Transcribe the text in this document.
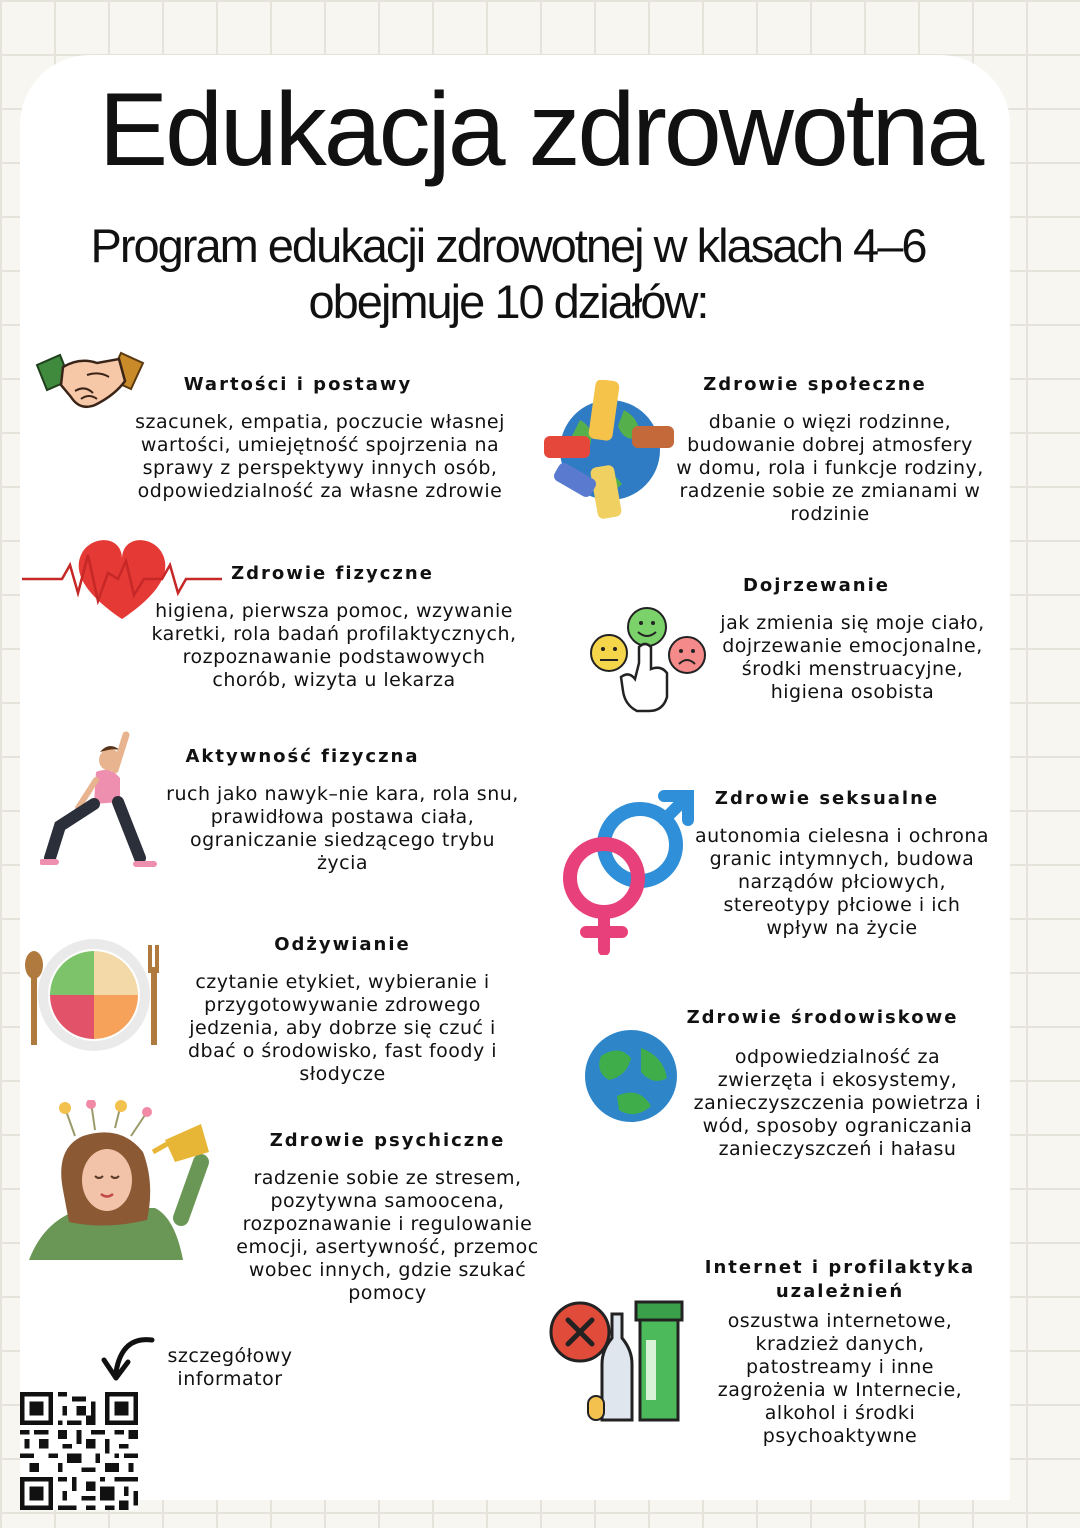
Edukacja zdrowotna
Program edukacji zdrowotnej w klasach 4–6
obejmuje 10 działów:
Wartości i postawy

szacunek, empatia, poczucie własnej
wartości, umiejętność spojrzenia na
sprawy z perspektywy innych osób,
odpowiedzialność za własne zdrowie

Zdrowie fizyczne

higiena, pierwsza pomoc, wzywanie
karetki, rola badań profilaktycznych,
rozpoznawanie podstawowych
chorób, wizyta u lekarza

Aktywność fizyczna

ruch jako nawyk–nie kara, rola snu,
prawidłowa postawa ciała,
ograniczanie siedzącego trybu
życia

Odżywianie

czytanie etykiet, wybieranie i
przygotowywanie zdrowego
jedzenia, aby dobrze się czuć i
dbać o środowisko, fast foody i
słodycze

Zdrowie psychiczne

radzenie sobie ze stresem,
pozytywna samoocena,
rozpoznawanie i regulowanie
emocji, asertywność, przemoc
wobec innych, gdzie szukać
pomocy

Zdrowie społeczne

dbanie o więzi rodzinne,
budowanie dobrej atmosfery
w domu, rola i funkcje rodziny,
radzenie sobie ze zmianami w
rodzinie

Dojrzewanie

jak zmienia się moje ciało,
dojrzewanie emocjonalne,
środki menstruacyjne,
higiena osobista

Zdrowie seksualne

autonomia cielesna i ochrona
granic intymnych, budowa
narządów płciowych,
stereotypy płciowe i ich
wpływ na życie

Zdrowie środowiskowe

odpowiedzialność za
zwierzęta i ekosystemy,
zanieczyszczenia powietrza i
wód, sposoby ograniczania
zanieczyszczeń i hałasu

Internet i profilaktyka
uzależnień

oszustwa internetowe,
kradzież danych,
patostreamy i inne
zagrożenia w Internecie,
alkohol i środki
psychoaktywne

szczegółowy
informator
